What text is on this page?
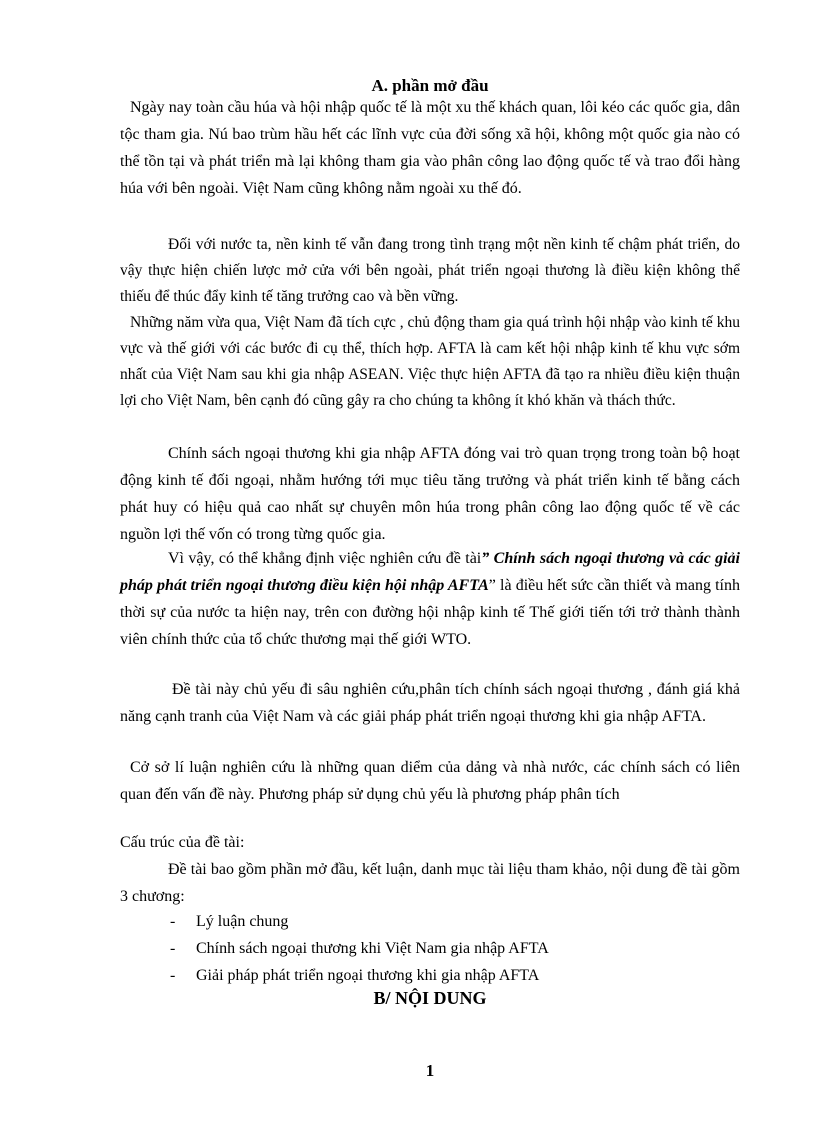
A. phần mở đầu

Ngày nay toàn cầu húa và hội nhập quốc tế là một xu thế khách quan, lôi kéo các quốc gia, dân tộc tham gia. Nú bao trùm hầu hết các lĩnh vực của đời sống xã hội, không một quốc gia nào có thể tồn tại và phát triển mà lại không tham gia vào phân công lao động quốc tế và trao đổi hàng húa với bên ngoài. Việt Nam cũng không nằm ngoài xu thế đó.

Đối với nước ta, nền kinh tế vẫn đang trong tình trạng một nền kinh tế chậm phát triển, do vậy thực hiện chiến lược mở cửa với bên ngoài, phát triển ngoại thương là điều kiện không thể thiếu để thúc đẩy kinh tế tăng trưởng cao và bền vững.

Những năm vừa qua, Việt Nam đã tích cực , chủ động tham gia quá trình hội nhập vào kinh tế khu vực và thế giới với các bước đi cụ thể, thích hợp. AFTA là cam kết hội nhập kinh tế khu vực sớm nhất của Việt Nam sau khi gia nhập ASEAN. Việc thực hiện AFTA đã tạo ra nhiều điều kiện thuận lợi cho Việt Nam, bên cạnh đó cũng gây ra cho chúng ta không ít khó khăn và thách thức.

Chính sách ngoại thương khi gia nhập AFTA đóng vai trò quan trọng trong toàn bộ hoạt động kinh tế đối ngoại, nhằm hướng tới mục tiêu tăng trưởng và phát triển kinh tế bằng cách phát huy có hiệu quả cao nhất sự chuyên môn húa trong phân công lao động quốc tế về các nguồn lợi thế vốn có trong từng quốc gia.

Vì vậy, có thể khẳng định việc nghiên cứu đề tài” Chính sách ngoại thương và các giải pháp phát triển ngoại thương điều kiện hội nhập AFTA” là điều hết sức cần thiết và mang tính thời sự của nước ta hiện nay, trên con đường hội nhập kinh tế Thế giới tiến tới trở thành thành viên chính thức của tổ chức thương mại thế giới WTO.

Đề tài này chủ yếu đi sâu nghiên cứu,phân tích chính sách ngoại thương , đánh giá khả năng cạnh tranh của Việt Nam và các giải pháp phát triển ngoại thương khi gia nhập AFTA.

Cở sở lí luận nghiên cứu là những quan diểm của dảng và nhà nước, các chính sách có liên quan đến vấn đề này. Phương pháp sử dụng chủ yếu là phương pháp phân tích

Cấu trúc của đề tài:

Đề tài bao gồm phần mở đầu, kết luận, danh mục tài liệu tham khảo, nội dung đề tài gồm 3 chương:

-	Lý luận chung
-	Chính sách ngoại thương khi Việt Nam gia nhập AFTA
-	Giải pháp phát triển ngoại thương khi gia nhập AFTA
B/ NỘI DUNG
1
